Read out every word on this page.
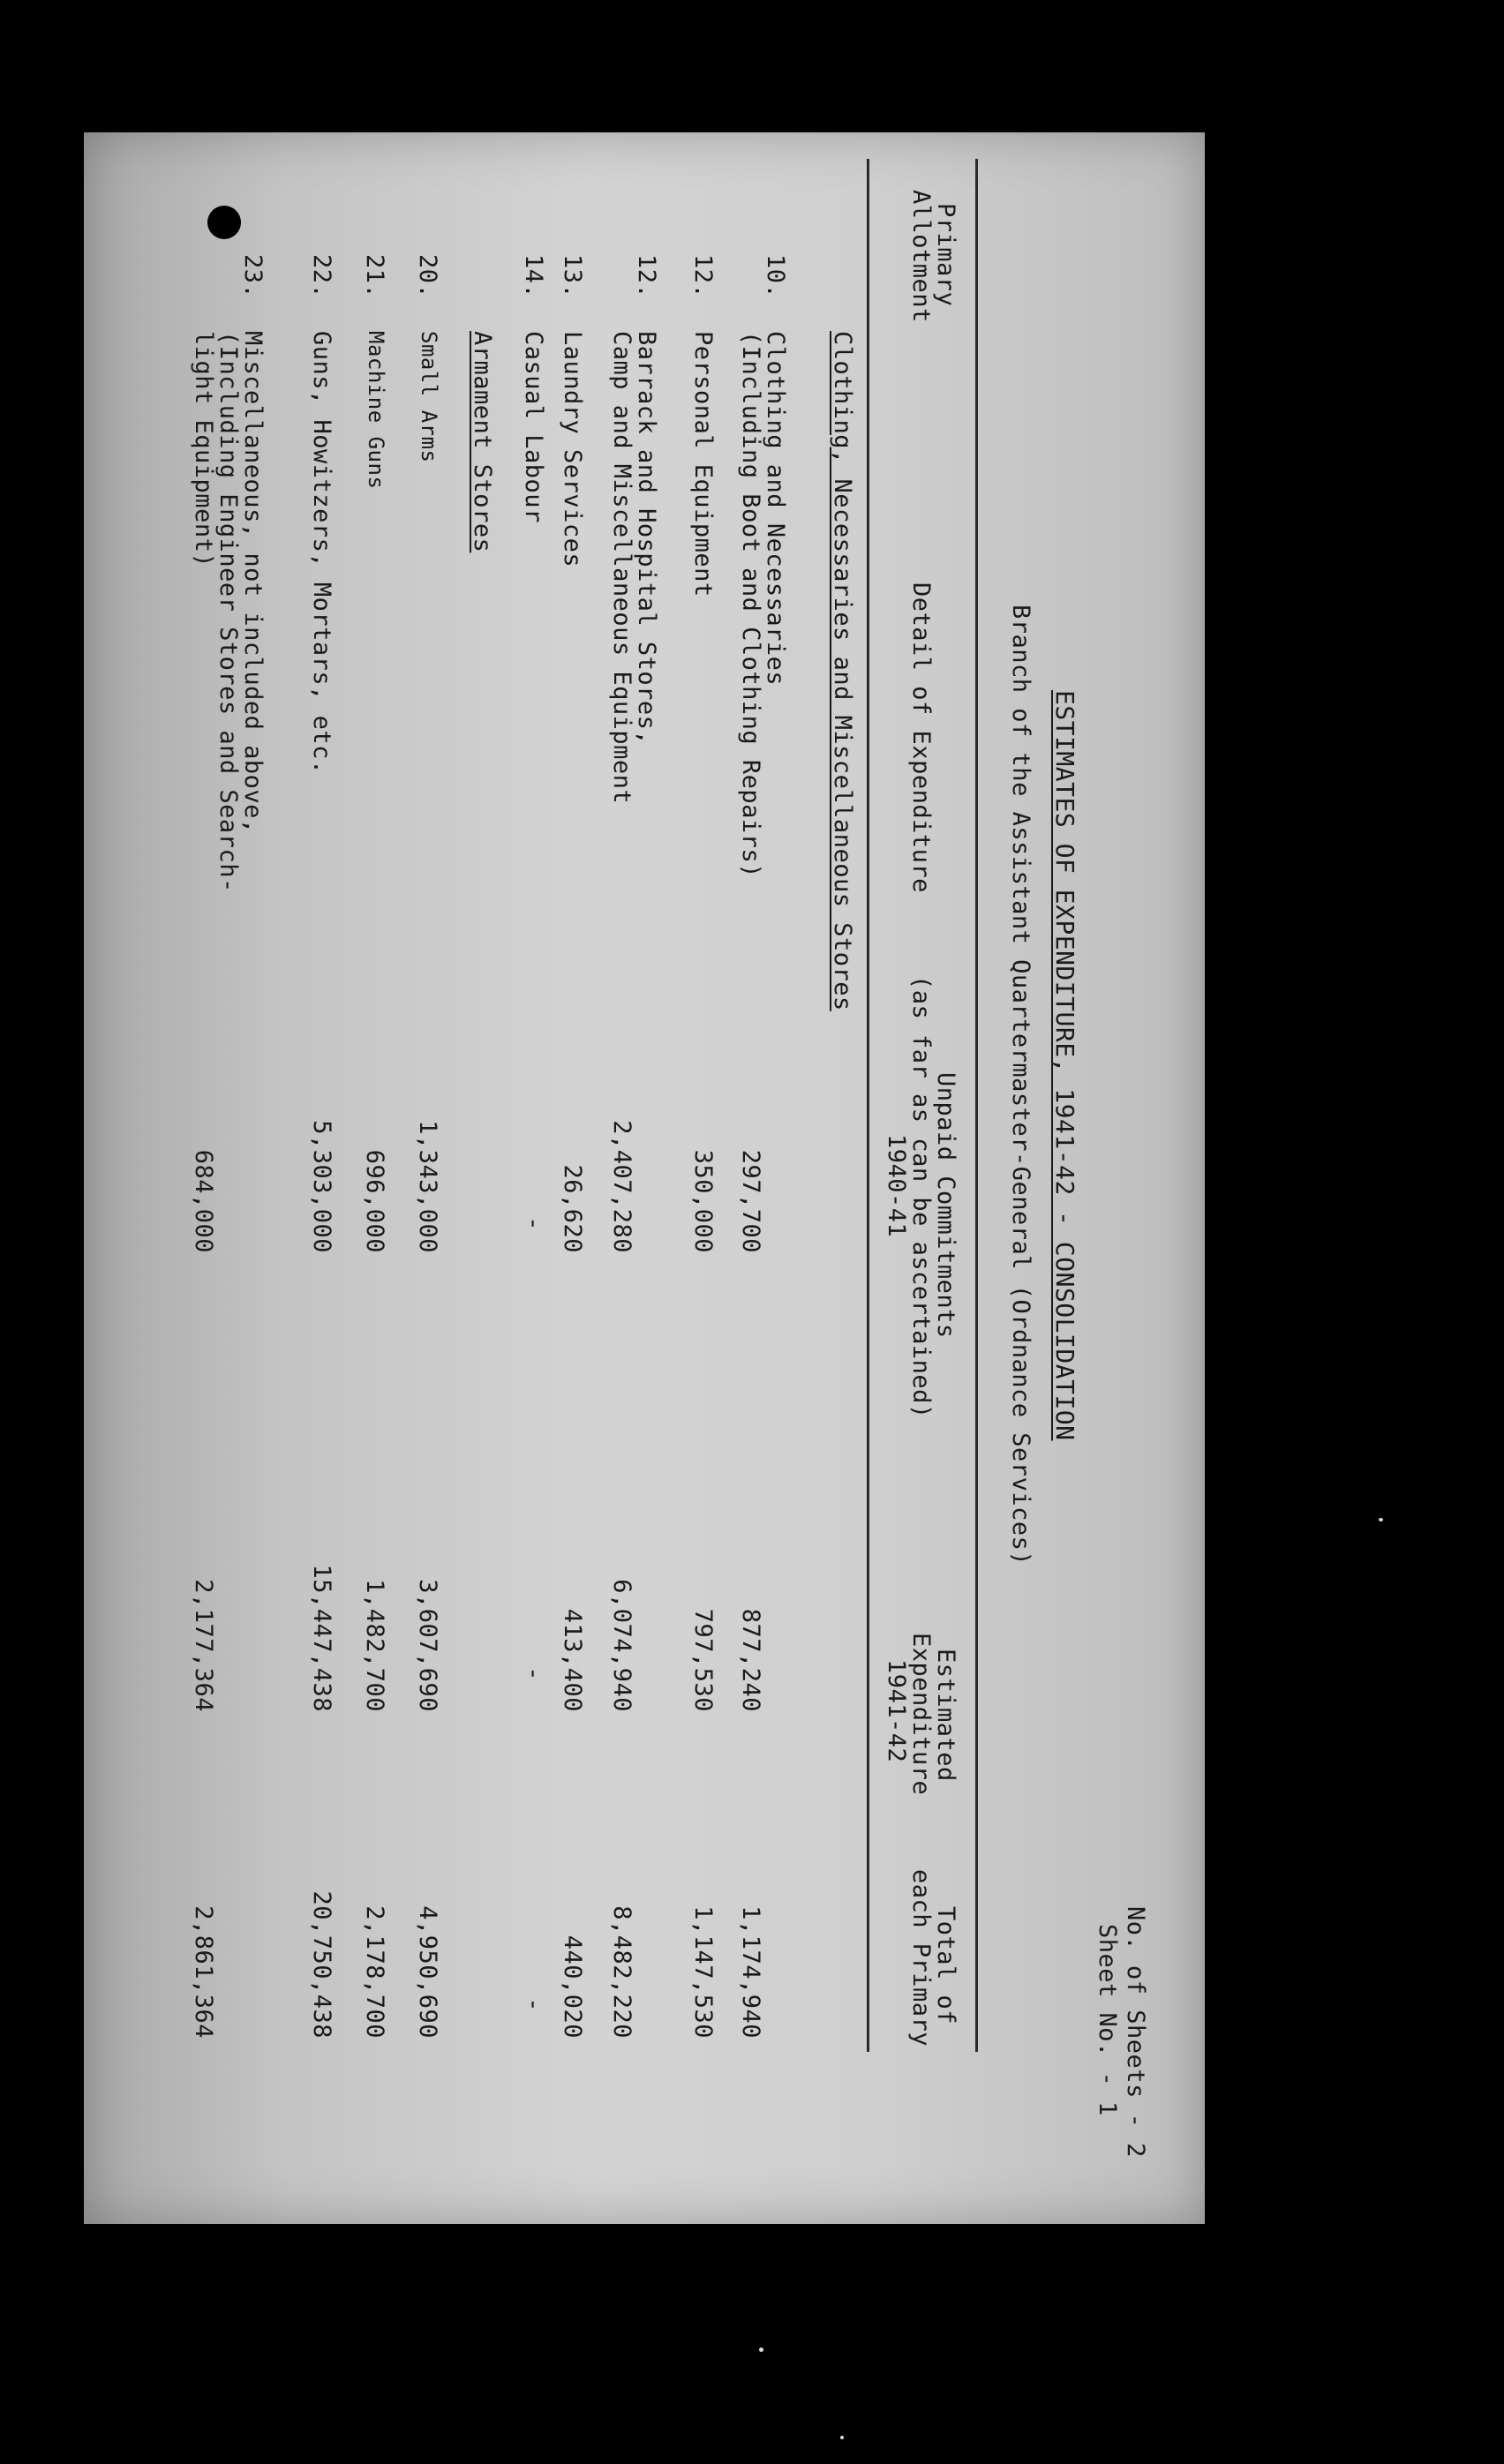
No. of Sheets - 2
Sheet No. - 1
ESTIMATES OF EXPENDITURE, 1941-42 - CONSOLIDATION
Branch of the Assistant Quartermaster-General (Ordnance Services)
Primary
Allotment
Detail of Expenditure
Unpaid Commitments
(as far as can be ascertained)
1940-41
Estimated
Expenditure
1941-42
Total of
each Primary
Clothing, Necessaries and Miscellaneous Stores
10.
Clothing and Necessaries
(Including Boot and Clothing Repairs)
297,700
877,240
1,174,940
12.
Personal Equipment
350,000
797,530
1,147,530
12.
Barrack and Hospital Stores,
Camp and Miscellaneous Equipment
2,407,280
6,074,940
8,482,220
13.
Laundry Services
26,620
413,400
440,020
14.
Casual Labour
-
-
-
Armament Stores
20.
Small Arms
1,343,000
3,607,690
4,950,690
21.
Machine Guns
696,000
1,482,700
2,178,700
22.
Guns, Howitzers, Mortars, etc.
5,303,000
15,447,438
20,750,438
23.
Miscellaneous, not included above,
(Including Engineer Stores and Search-
light Equipment)
684,000
2,177,364
2,861,364
